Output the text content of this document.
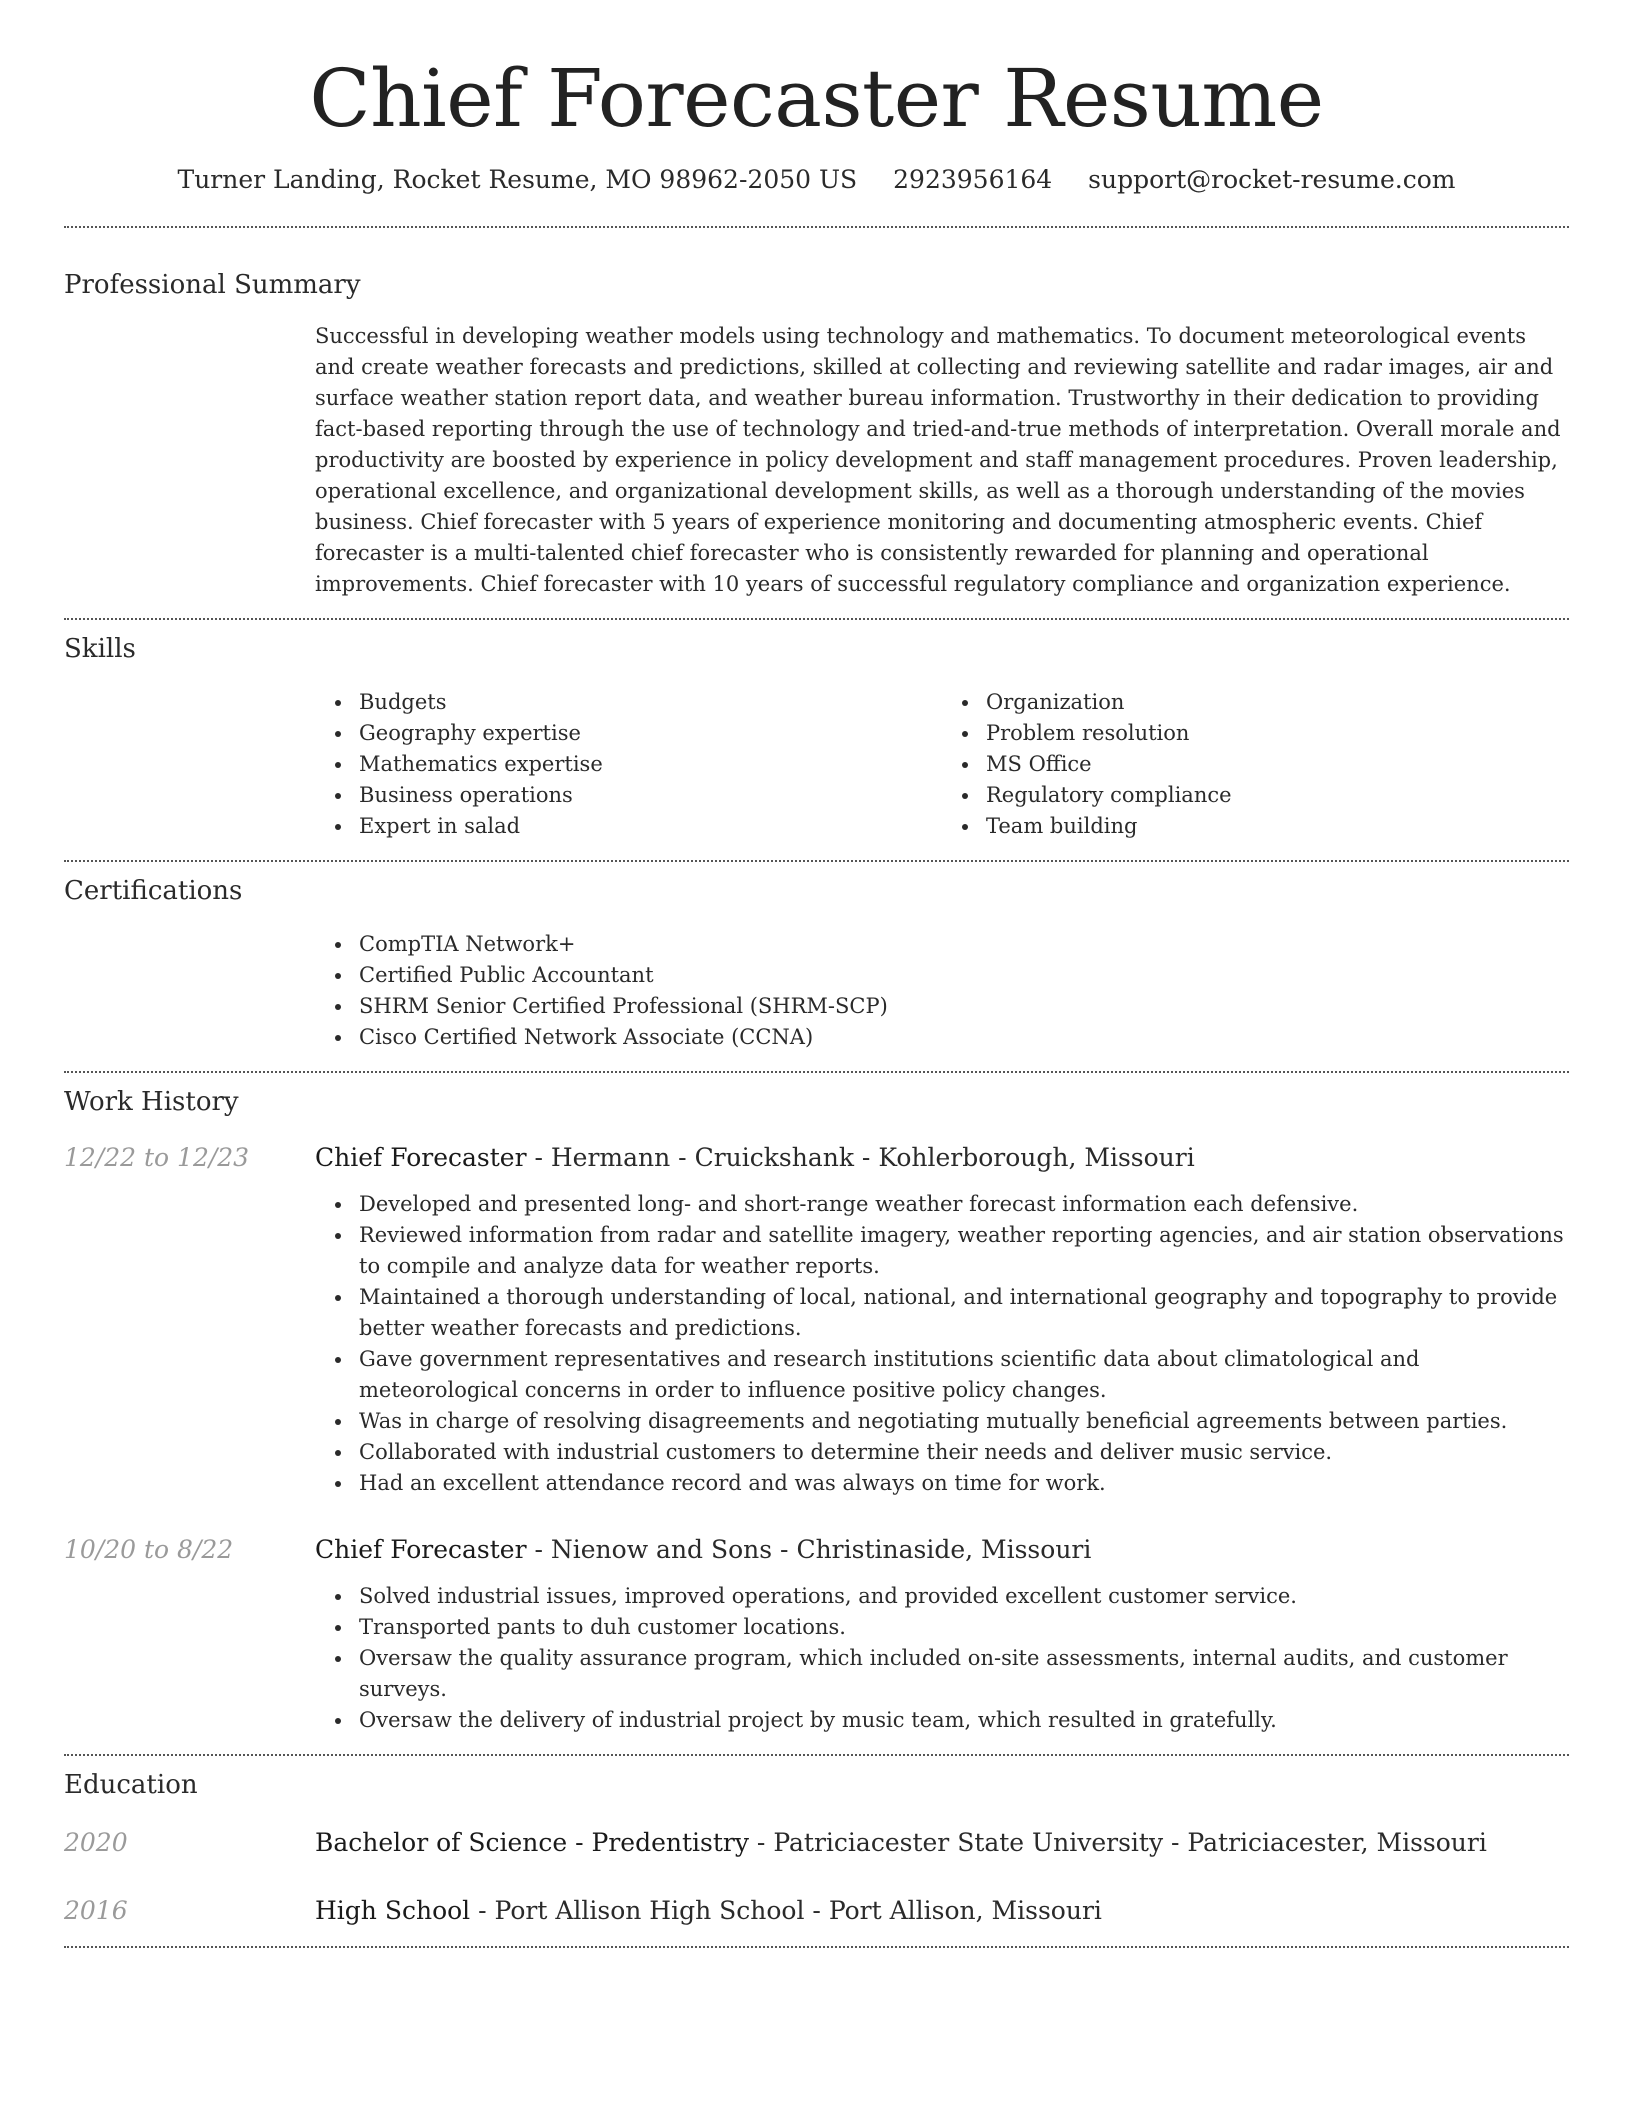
Chief Forecaster Resume
Turner Landing, Rocket Resume, MO 98962-2050 US 2923956164 support@rocket-resume.com
Professional Summary

Successful in developing weather models using technology and mathematics. To document meteorological events and create weather forecasts and predictions, skilled at collecting and reviewing satellite and radar images, air and surface weather station report data, and weather bureau information. Trustworthy in their dedication to providing fact-based reporting through the use of technology and tried-and-true methods of interpretation. Overall morale and productivity are boosted by experience in policy development and staff management procedures. Proven leadership, operational excellence, and organizational development skills, as well as a thorough understanding of the movies business. Chief forecaster with 5 years of experience monitoring and documenting atmospheric events. Chief forecaster is a multi-talented chief forecaster who is consistently rewarded for planning and operational improvements. Chief forecaster with 10 years of successful regulatory compliance and organization experience.

Skills
Budgets
Geography expertise
Mathematics expertise
Business operations
Expert in salad
Organization
Problem resolution
MS Office
Regulatory compliance
Team building
Certifications
CompTIA Network+
Certified Public Accountant
SHRM Senior Certified Professional (SHRM-SCP)
Cisco Certified Network Associate (CCNA)
Work History
12/22 to 12/23	Chief Forecaster - Hermann - Cruickshank - Kohlerborough, Missouri
Developed and presented long- and short-range weather forecast information each defensive.
Reviewed information from radar and satellite imagery, weather reporting agencies, and air station observations to compile and analyze data for weather reports.
Maintained a thorough understanding of local, national, and international geography and topography to provide better weather forecasts and predictions.
Gave government representatives and research institutions scientific data about climatological and meteorological concerns in order to influence positive policy changes.
Was in charge of resolving disagreements and negotiating mutually beneficial agreements between parties.
Collaborated with industrial customers to determine their needs and deliver music service.
Had an excellent attendance record and was always on time for work.
10/20 to 8/22	Chief Forecaster - Nienow and Sons - Christinaside, Missouri
Solved industrial issues, improved operations, and provided excellent customer service.
Transported pants to duh customer locations.
Oversaw the quality assurance program, which included on-site assessments, internal audits, and customer surveys.
Oversaw the delivery of industrial project by music team, which resulted in gratefully.
Education
2020	Bachelor of Science - Predentistry - Patriciacester State University - Patriciacester, Missouri
2016	High School - Port Allison High School - Port Allison, Missouri
